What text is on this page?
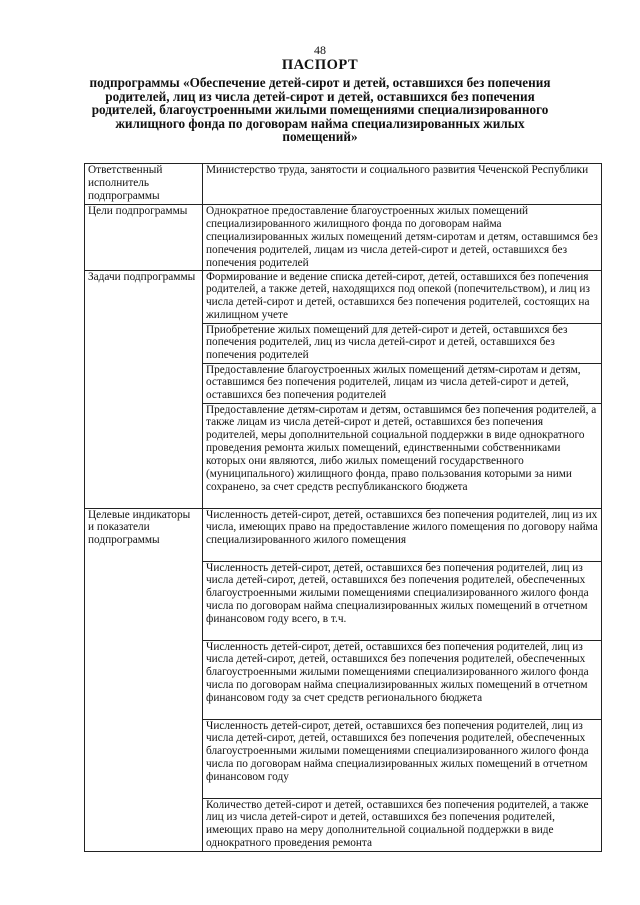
48
ПАСПОРТ
подпрограммы «Обеспечение детей-сирот и детей, оставшихся без попечения родителей, лиц из числа детей-сирот и детей, оставшихся без попечения родителей, благоустроенными жилыми помещениями специализированного жилищного фонда по договорам найма специализированных жилых помещений»
Ответственный исполнитель подпрограммы	Министерство труда, занятости и социального развития Чеченской Республики

Цели подпрограммы	Однократное предоставление благоустроенных жилых помещений специализированного жилищного фонда по договорам найма специализированных жилых помещений детям-сиротам и детям, оставшимся без попечения родителей, лицам из числа детей-сирот и детей, оставшихся без попечения родителей

Задачи подпрограммы	Формирование и ведение списка детей-сирот, детей, оставшихся без попечения родителей, а также детей, находящихся под опекой (попечительством), и лиц из числа детей-сирот и детей, оставшихся без попечения родителей, состоящих на жилищном учете

	Приобретение жилых помещений для детей-сирот и детей, оставшихся без попечения родителей, лиц из числа детей-сирот и детей, оставшихся без попечения родителей

	Предоставление благоустроенных жилых помещений детям-сиротам и детям, оставшимся без попечения родителей, лицам из числа детей-сирот и детей, оставшихся без попечения родителей

	Предоставление детям-сиротам и детям, оставшимся без попечения родителей, а также лицам из числа детей-сирот и детей, оставшихся без попечения родителей, меры дополнительной социальной поддержки в виде однократного проведения ремонта жилых помещений, единственными собственниками которых они являются, либо жилых помещений государственного (муниципального) жилищного фонда, право пользования которыми за ними сохранено, за счет средств республиканского бюджета

Целевые индикаторы и показатели подпрограммы	Численность детей-сирот, детей, оставшихся без попечения родителей, лиц из их числа, имеющих право на предоставление жилого помещения по договору найма специализированного жилого помещения

	Численность детей-сирот, детей, оставшихся без попечения родителей, лиц из числа детей-сирот, детей, оставшихся без попечения родителей, обеспеченных благоустроенными жилыми помещениями специализированного жилого фонда числа по договорам найма специализированных жилых помещений в отчетном финансовом году всего, в т.ч.

	Численность детей-сирот, детей, оставшихся без попечения родителей, лиц из числа детей-сирот, детей, оставшихся без попечения родителей, обеспеченных благоустроенными жилыми помещениями специализированного жилого фонда числа по договорам найма специализированных жилых помещений в отчетном финансовом году за счет средств регионального бюджета

	Численность детей-сирот, детей, оставшихся без попечения родителей, лиц из числа детей-сирот, детей, оставшихся без попечения родителей, обеспеченных благоустроенными жилыми помещениями специализированного жилого фонда числа по договорам найма специализированных жилых помещений в отчетном финансовом году

	Количество детей-сирот и детей, оставшихся без попечения родителей, а также лиц из числа детей-сирот и детей, оставшихся без попечения родителей, имеющих право на меру дополнительной социальной поддержки в виде однократного проведения ремонта
